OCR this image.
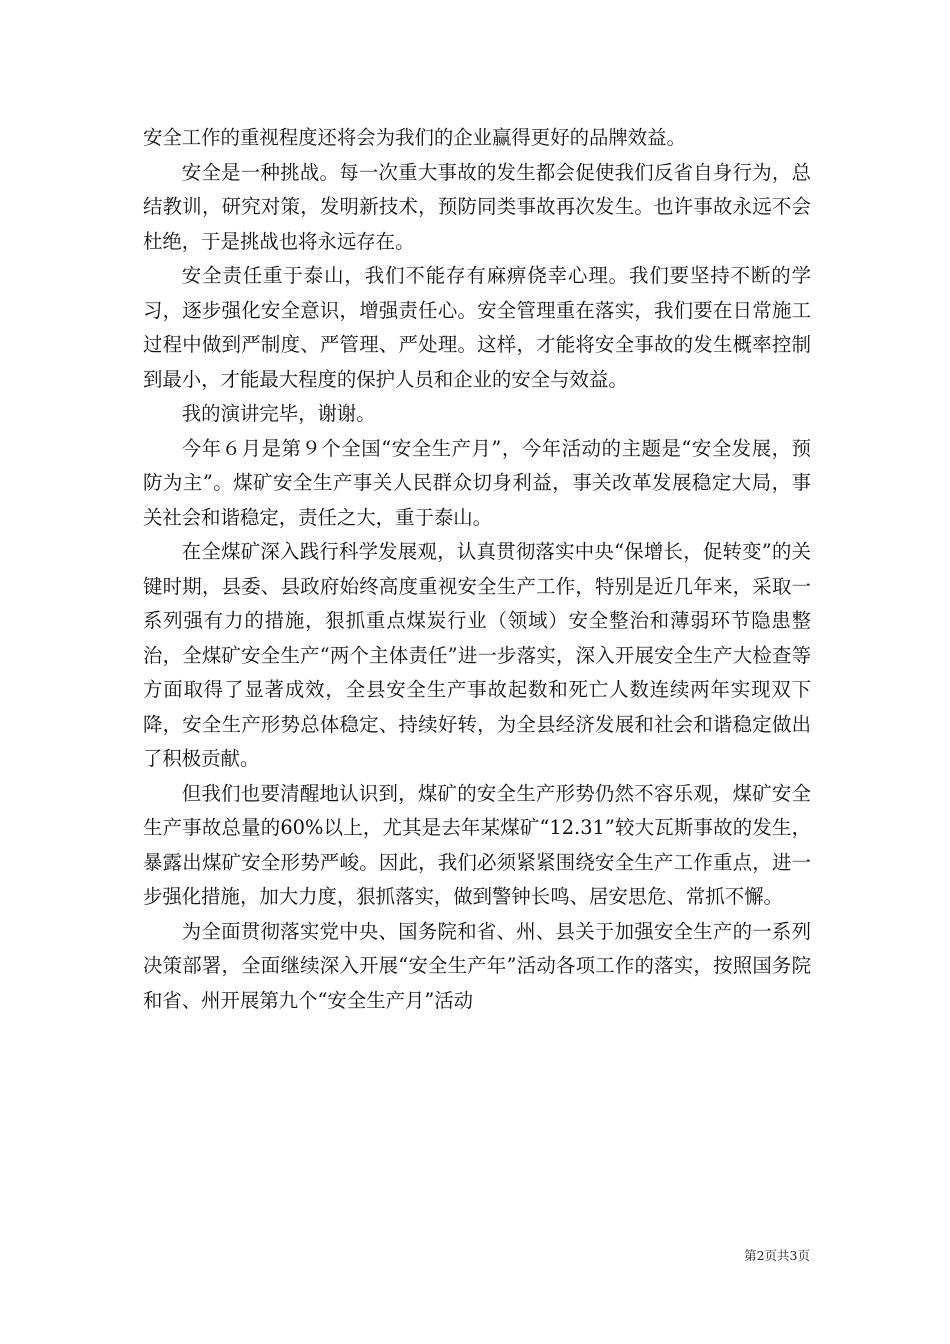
安全工作的重视程度还将会为我们的企业赢得更好的品牌效益。

安全是一种挑战。每一次重大事故的发生都会促使我们反省自身行为，总结教训，研究对策，发明新技术，预防同类事故再次发生。也许事故永远不会杜绝，于是挑战也将永远存在。

安全责任重于泰山，我们不能存有麻痹侥幸心理。我们要坚持不断的学习，逐步强化安全意识，增强责任心。安全管理重在落实，我们要在日常施工过程中做到严制度、严管理、严处理。这样，才能将安全事故的发生概率控制到最小，才能最大程度的保护人员和企业的安全与效益。

我的演讲完毕，谢谢。

今年６月是第９个全国“安全生产月”，今年活动的主题是“安全发展，预防为主”。煤矿安全生产事关人民群众切身利益，事关改革发展稳定大局，事关社会和谐稳定，责任之大，重于泰山。

在全煤矿深入践行科学发展观，认真贯彻落实中央“保增长，促转变”的关键时期，县委、县政府始终高度重视安全生产工作，特别是近几年来，采取一系列强有力的措施，狠抓重点煤炭行业（领域）安全整治和薄弱环节隐患整治，全煤矿安全生产“两个主体责任”进一步落实，深入开展安全生产大检查等方面取得了显著成效，全县安全生产事故起数和死亡人数连续两年实现双下降，安全生产形势总体稳定、持续好转，为全县经济发展和社会和谐稳定做出了积极贡献。

但我们也要清醒地认识到，煤矿的安全生产形势仍然不容乐观，煤矿安全生产事故总量的60%以上，尤其是去年某煤矿“12.31”较大瓦斯事故的发生，暴露出煤矿安全形势严峻。因此，我们必须紧紧围绕安全生产工作重点，进一步强化措施，加大力度，狠抓落实，做到警钟长鸣、居安思危、常抓不懈。

为全面贯彻落实党中央、国务院和省、州、县关于加强安全生产的一系列决策部署，全面继续深入开展“安全生产年”活动各项工作的落实，按照国务院和省、州开展第九个“安全生产月”活动

第2页共3页
